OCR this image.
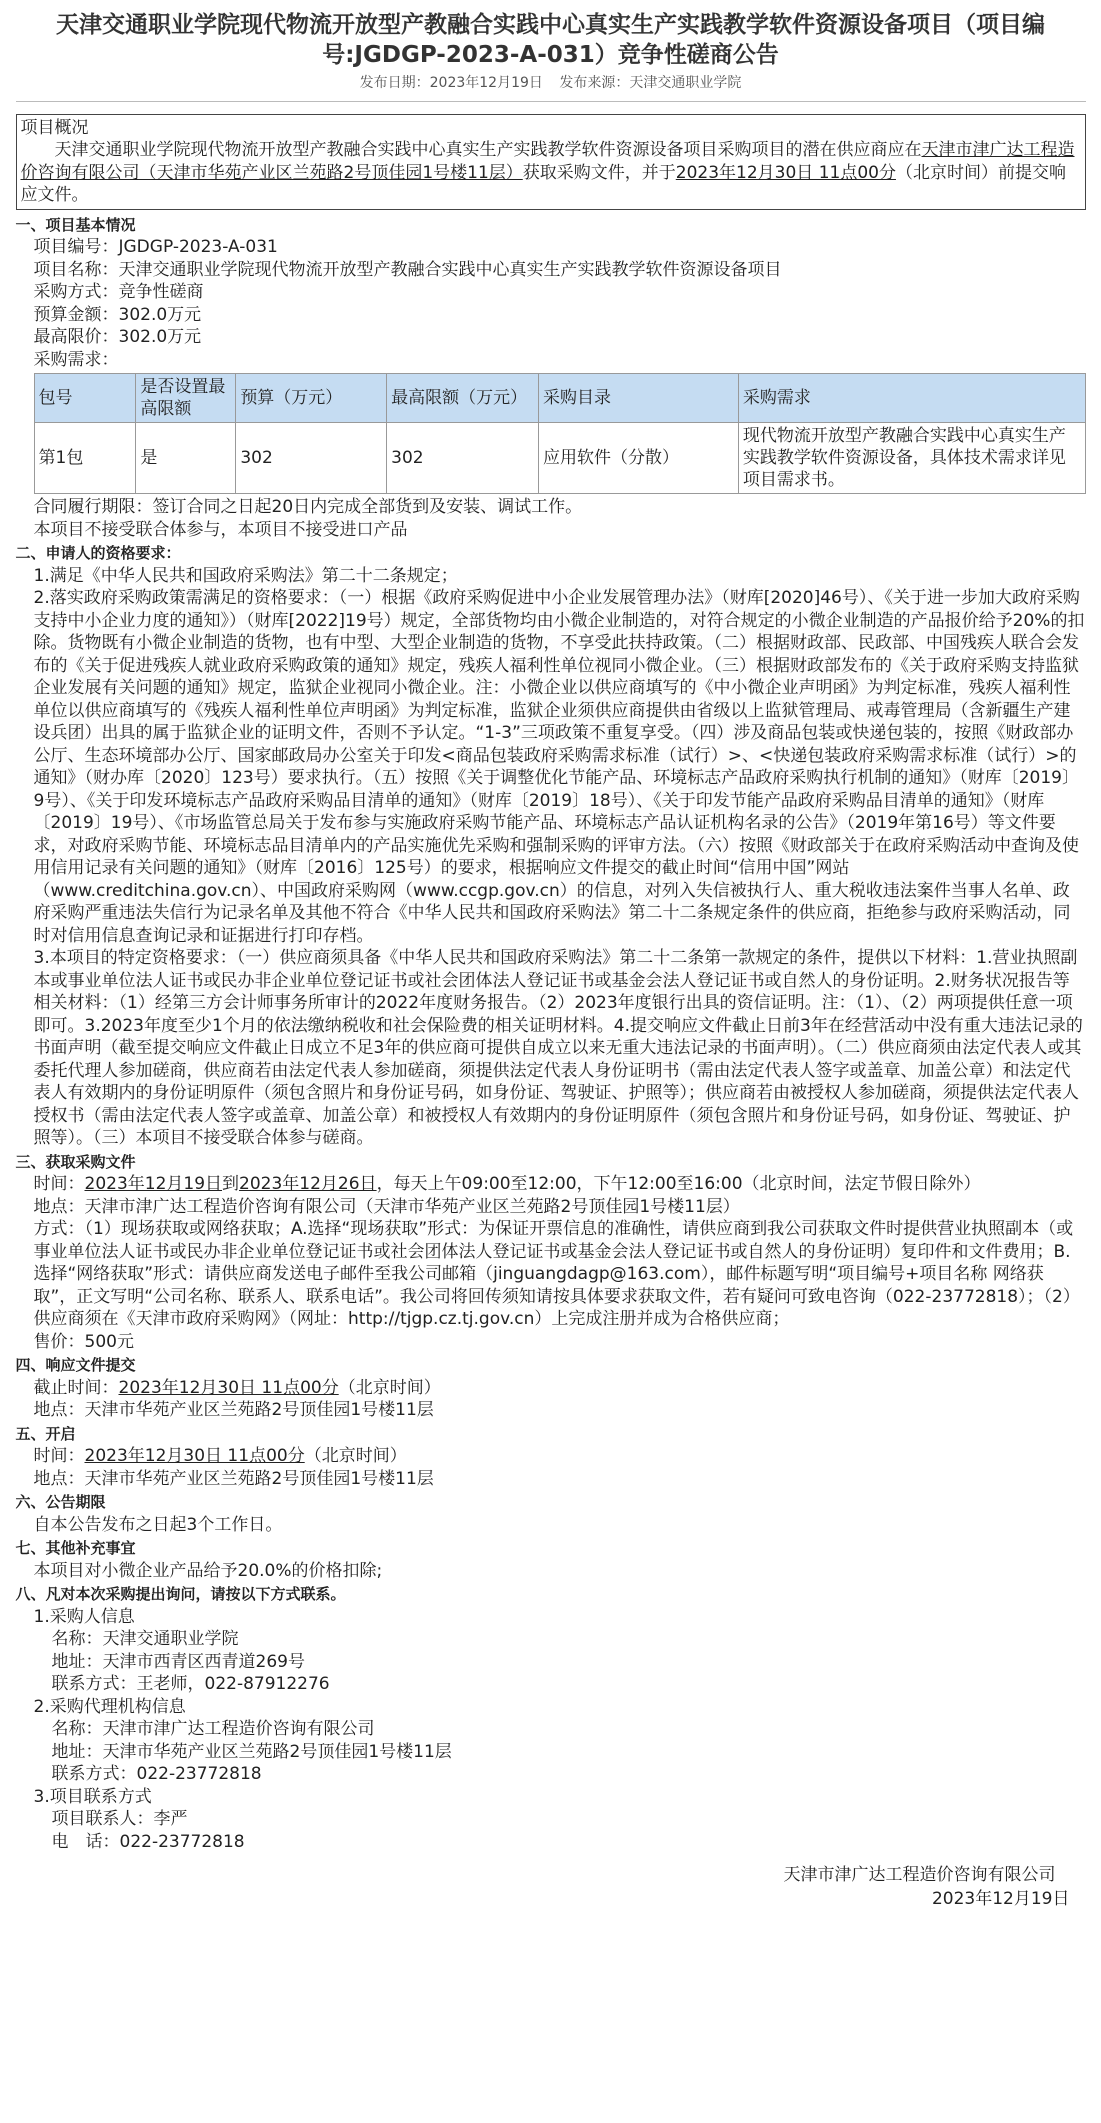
天津交通职业学院现代物流开放型产教融合实践中心真实生产实践教学软件资源设备项目（项目编号:JGDGP-2023-A-031）竞争性磋商公告
发布日期：2023年12月19日 发布来源：天津交通职业学院
项目概况
天津交通职业学院现代物流开放型产教融合实践中心真实生产实践教学软件资源设备项目采购项目的潜在供应商应在天津市津广达工程造价咨询有限公司（天津市华苑产业区兰苑路2号顶佳园1号楼11层）获取采购文件，并于2023年12月30日 11点00分（北京时间）前提交响应文件。
一、项目基本情况
项目编号：JGDGP-2023-A-031
项目名称：天津交通职业学院现代物流开放型产教融合实践中心真实生产实践教学软件资源设备项目
采购方式：竞争性磋商
预算金额：302.0万元
最高限价：302.0万元
采购需求：
包号	是否设置最高限额	预算（万元）	最高限额（万元）	采购目录	采购需求
第1包	是	302	302	应用软件（分散）	现代物流开放型产教融合实践中心真实生产实践教学软件资源设备，具体技术需求详见项目需求书。
合同履行期限：签订合同之日起20日内完成全部货到及安装、调试工作。
本项目不接受联合体参与，本项目不接受进口产品
二、申请人的资格要求：
1.满足《中华人民共和国政府采购法》第二十二条规定；
2.落实政府采购政策需满足的资格要求：（一）根据《政府采购促进中小企业发展管理办法》（财库[2020]46号）、《关于进一步加大政府采购支持中小企业力度的通知》）（财库[2022]19号）规定，全部货物均由小微企业制造的，对符合规定的小微企业制造的产品报价给予20%的扣除。货物既有小微企业制造的货物，也有中型、大型企业制造的货物，不享受此扶持政策。（二）根据财政部、民政部、中国残疾人联合会发布的《关于促进残疾人就业政府采购政策的通知》规定，残疾人福利性单位视同小微企业。（三）根据财政部发布的《关于政府采购支持监狱企业发展有关问题的通知》规定，监狱企业视同小微企业。注：小微企业以供应商填写的《中小微企业声明函》为判定标准，残疾人福利性单位以供应商填写的《残疾人福利性单位声明函》为判定标准，监狱企业须供应商提供由省级以上监狱管理局、戒毒管理局（含新疆生产建设兵团）出具的属于监狱企业的证明文件，否则不予认定。“1-3”三项政策不重复享受。（四）涉及商品包装或快递包装的，按照《财政部办公厅、生态环境部办公厅、国家邮政局办公室关于印发<商品包装政府采购需求标准（试行）>、<快递包装政府采购需求标准（试行）>的通知》（财办库〔2020〕123号）要求执行。（五）按照《关于调整优化节能产品、环境标志产品政府采购执行机制的通知》（财库〔2019〕9号）、《关于印发环境标志产品政府采购品目清单的通知》（财库〔2019〕18号）、《关于印发节能产品政府采购品目清单的通知》（财库〔2019〕19号）、《市场监管总局关于发布参与实施政府采购节能产品、环境标志产品认证机构名录的公告》（2019年第16号）等文件要求，对政府采购节能、环境标志品目清单内的产品实施优先采购和强制采购的评审方法。（六）按照《财政部关于在政府采购活动中查询及使用信用记录有关问题的通知》（财库〔2016〕125号）的要求，根据响应文件提交的截止时间“信用中国”网站（www.creditchina.gov.cn）、中国政府采购网（www.ccgp.gov.cn）的信息，对列入失信被执行人、重大税收违法案件当事人名单、政府采购严重违法失信行为记录名单及其他不符合《中华人民共和国政府采购法》第二十二条规定条件的供应商，拒绝参与政府采购活动，同时对信用信息查询记录和证据进行打印存档。
3.本项目的特定资格要求：（一）供应商须具备《中华人民共和国政府采购法》第二十二条第一款规定的条件，提供以下材料：1.营业执照副本或事业单位法人证书或民办非企业单位登记证书或社会团体法人登记证书或基金会法人登记证书或自然人的身份证明。2.财务状况报告等相关材料：（1）经第三方会计师事务所审计的2022年度财务报告。（2）2023年度银行出具的资信证明。注：（1）、（2）两项提供任意一项即可。3.2023年度至少1个月的依法缴纳税收和社会保险费的相关证明材料。4.提交响应文件截止日前3年在经营活动中没有重大违法记录的书面声明（截至提交响应文件截止日成立不足3年的供应商可提供自成立以来无重大违法记录的书面声明）。（二）供应商须由法定代表人或其委托代理人参加磋商，供应商若由法定代表人参加磋商，须提供法定代表人身份证明书（需由法定代表人签字或盖章、加盖公章）和法定代表人有效期内的身份证明原件（须包含照片和身份证号码，如身份证、驾驶证、护照等）；供应商若由被授权人参加磋商，须提供法定代表人授权书（需由法定代表人签字或盖章、加盖公章）和被授权人有效期内的身份证明原件（须包含照片和身份证号码，如身份证、驾驶证、护照等）。（三）本项目不接受联合体参与磋商。
三、获取采购文件
时间：2023年12月19日到2023年12月26日，每天上午09:00至12:00，下午12:00至16:00（北京时间，法定节假日除外）
地点：天津市津广达工程造价咨询有限公司（天津市华苑产业区兰苑路2号顶佳园1号楼11层）
方式：（1）现场获取或网络获取；A.选择“现场获取”形式：为保证开票信息的准确性，请供应商到我公司获取文件时提供营业执照副本（或事业单位法人证书或民办非企业单位登记证书或社会团体法人登记证书或基金会法人登记证书或自然人的身份证明）复印件和文件费用；B.选择“网络获取”形式：请供应商发送电子邮件至我公司邮箱（jinguangdagp@163.com），邮件标题写明“项目编号+项目名称 网络获取”，正文写明“公司名称、联系人、联系电话”。我公司将回传须知请按具体要求获取文件，若有疑问可致电咨询（022-23772818）；（2）供应商须在《天津市政府采购网》（网址：http://tjgp.cz.tj.gov.cn）上完成注册并成为合格供应商；
售价：500元
四、响应文件提交
截止时间：2023年12月30日 11点00分（北京时间）
地点：天津市华苑产业区兰苑路2号顶佳园1号楼11层
五、开启
时间：2023年12月30日 11点00分（北京时间）
地点：天津市华苑产业区兰苑路2号顶佳园1号楼11层
六、公告期限
自本公告发布之日起3个工作日。
七、其他补充事宜
本项目对小微企业产品给予20.0%的价格扣除;
八、凡对本次采购提出询问，请按以下方式联系。
1.采购人信息
名称：天津交通职业学院
地址：天津市西青区西青道269号
联系方式：王老师，022-87912276
2.采购代理机构信息
名称：天津市津广达工程造价咨询有限公司
地址：天津市华苑产业区兰苑路2号顶佳园1号楼11层
联系方式：022-23772818
3.项目联系方式
项目联系人：李严
电　话：022-23772818
天津市津广达工程造价咨询有限公司
2023年12月19日
